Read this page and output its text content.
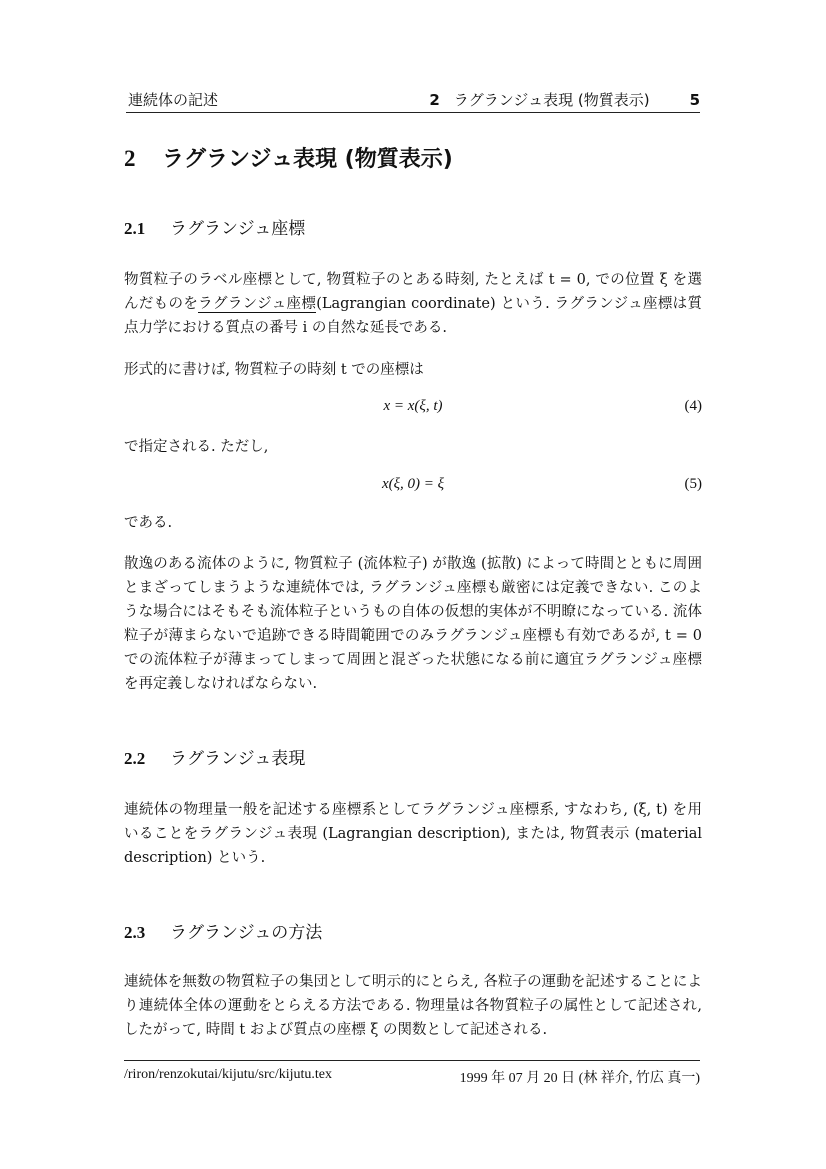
連続体の記述	2 ラグランジュ表現 (物質表示)	5
2 ラグランジュ表現 (物質表示)
2.1 ラグランジュ座標
物質粒子のラベル座標として, 物質粒子のとある時刻, たとえば t = 0, での位置 ξ を選んだものをラグランジュ座標(Lagrangian coordinate) という. ラグランジュ座標は質点力学における質点の番号 i の自然な延長である.
形式的に書けば, 物質粒子の時刻 t での座標は
x = x(ξ, t)	(4)
で指定される. ただし,
x(ξ, 0) = ξ	(5)
である.
散逸のある流体のように, 物質粒子 (流体粒子) が散逸 (拡散) によって時間とともに周囲とまざってしまうような連続体では, ラグランジュ座標も厳密には定義できない. このような場合にはそもそも流体粒子というもの自体の仮想的実体が不明瞭になっている. 流体粒子が薄まらないで追跡できる時間範囲でのみラグランジュ座標も有効であるが, t = 0 での流体粒子が薄まってしまって周囲と混ざった状態になる前に適宜ラグランジュ座標を再定義しなければならない.
2.2 ラグランジュ表現
連続体の物理量一般を記述する座標系としてラグランジュ座標系, すなわち, (ξ, t) を用いることをラグランジュ表現 (Lagrangian description), または, 物質表示 (material description) という.
2.3 ラグランジュの方法
連続体を無数の物質粒子の集団として明示的にとらえ, 各粒子の運動を記述することにより連続体全体の運動をとらえる方法である. 物理量は各物質粒子の属性として記述され, したがって, 時間 t および質点の座標 ξ の関数として記述される.
/riron/renzokutai/kijutu/src/kijutu.tex	1999 年 07 月 20 日 (林 祥介, 竹広 真一)
